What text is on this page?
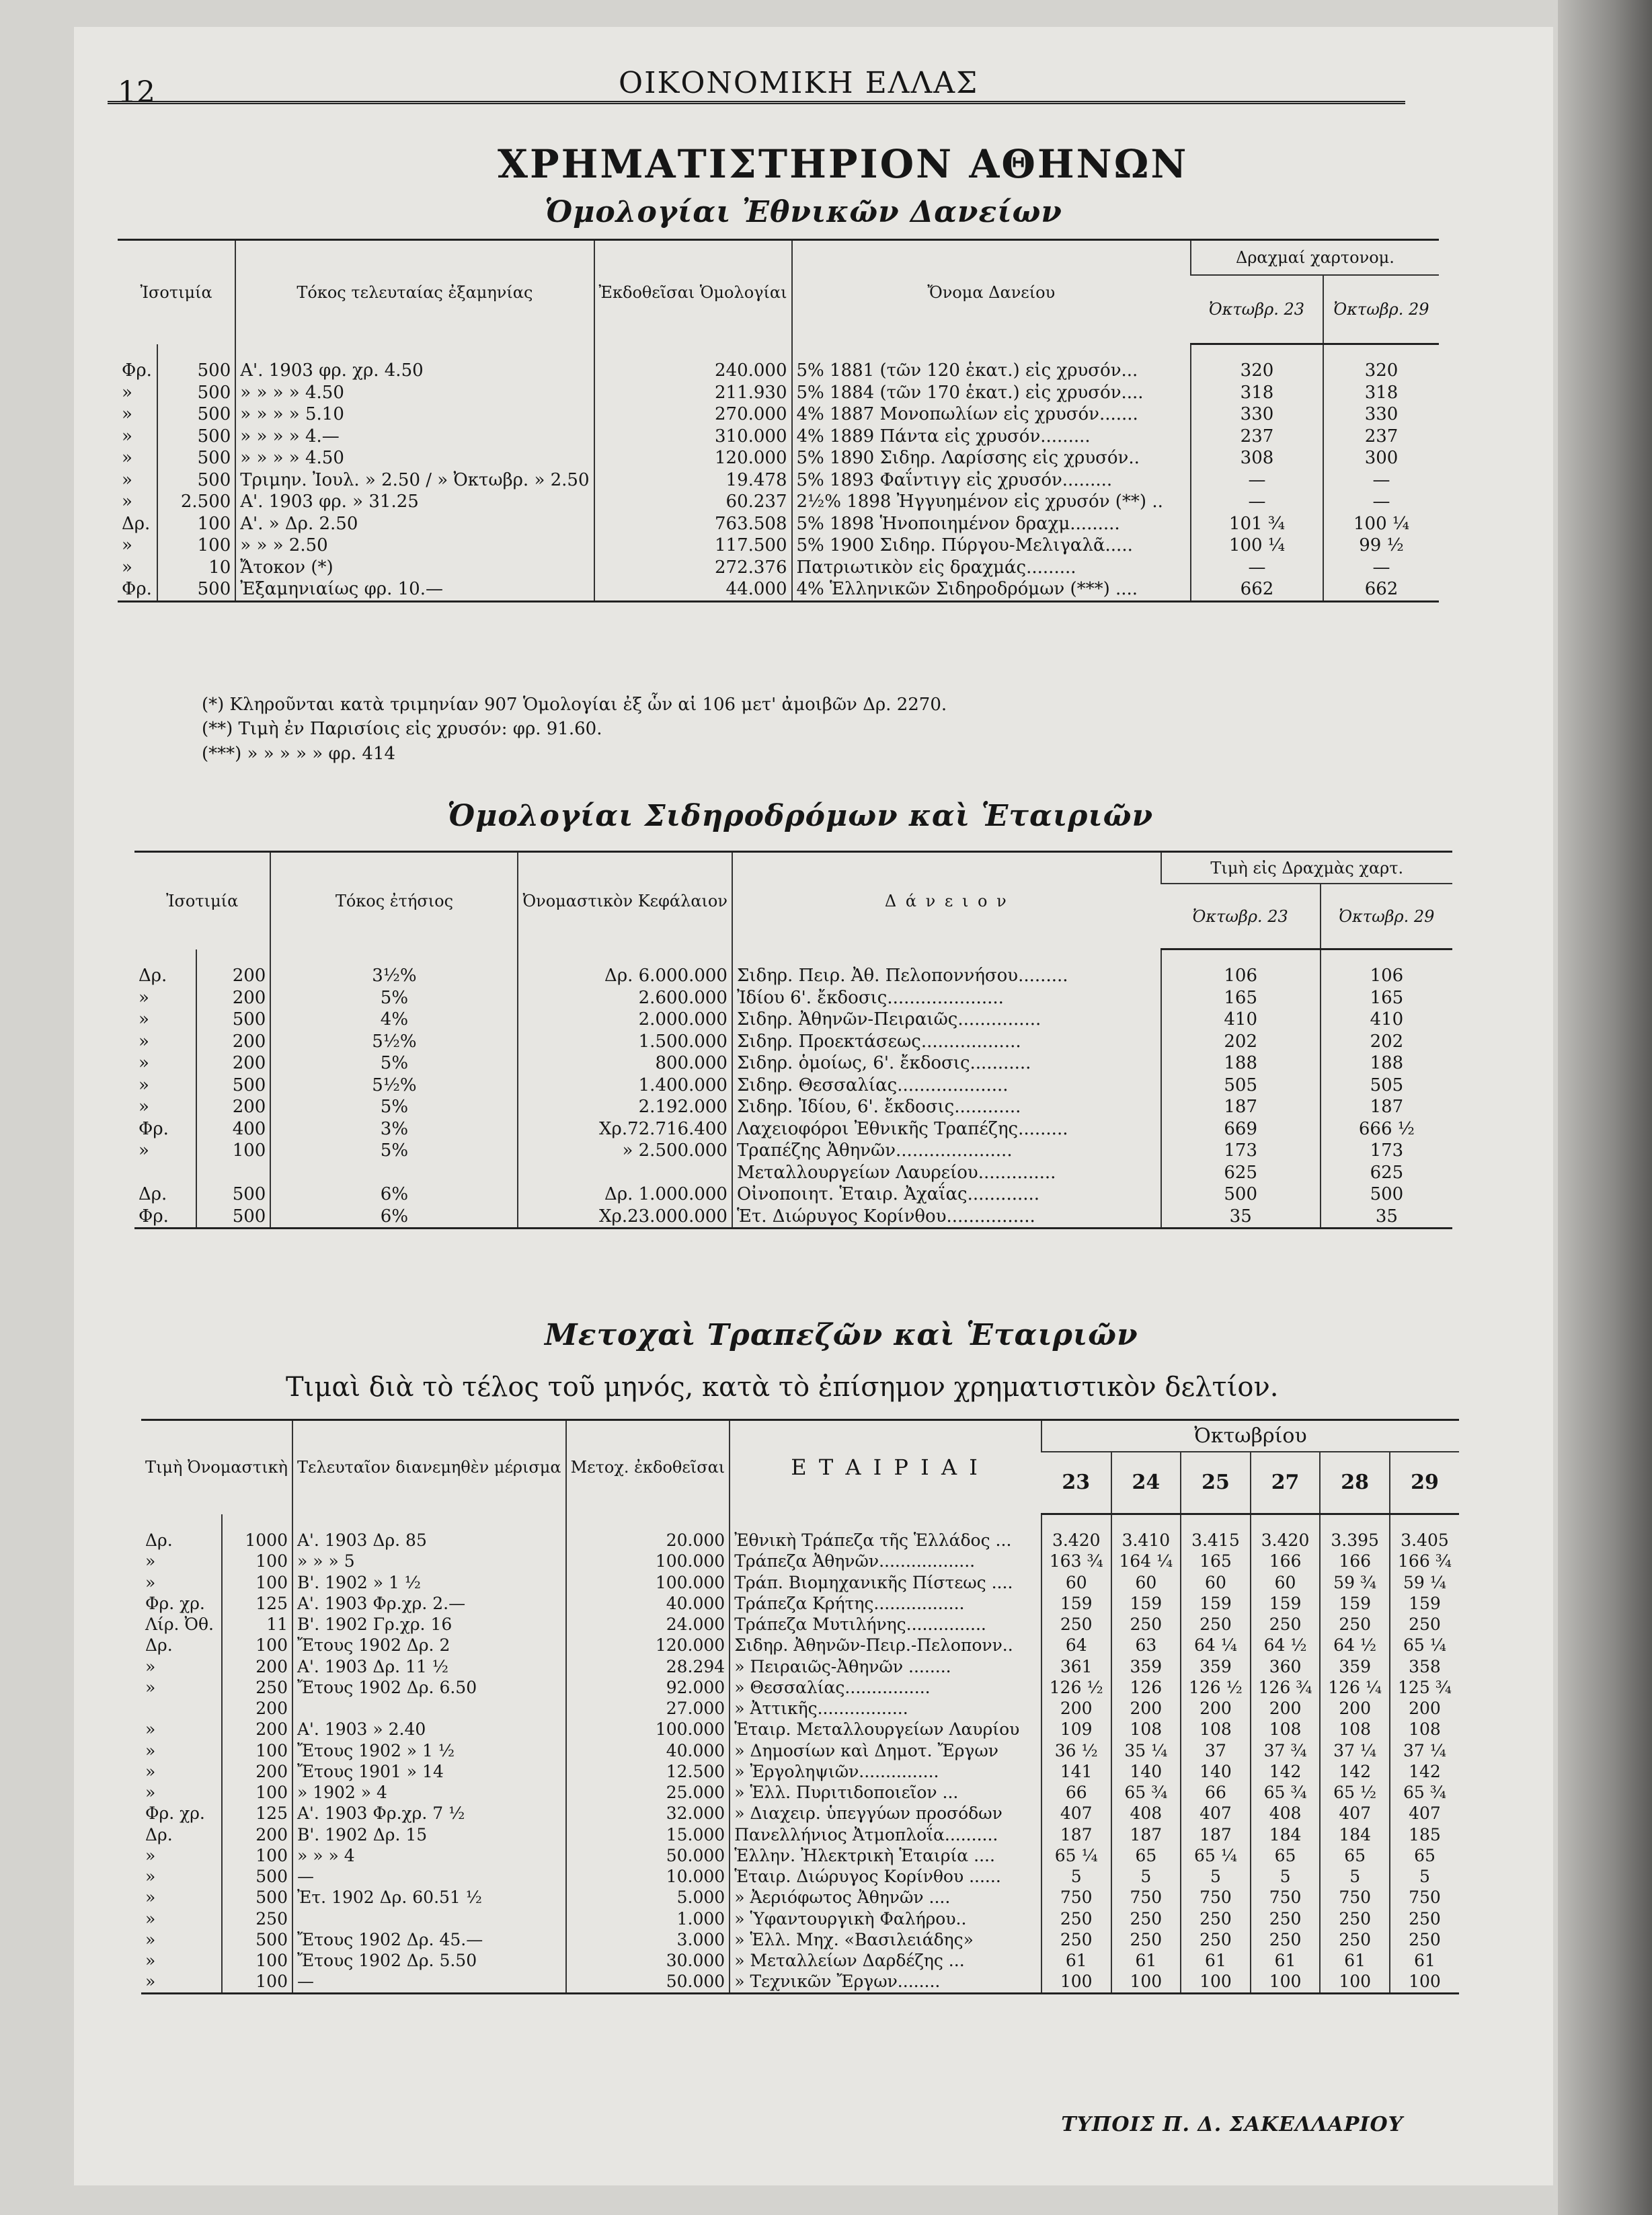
12	ΟΙΚΟΝΟΜΙΚΗ ΕΛΛΑΣ
ΧΡΗΜΑΤΙΣΤΗΡΙΟΝ ΑΘΗΝΩΝ
Ὁμολογίαι Ἐθνικῶν Δανείων
Ἰσοτιμία		Τόκος τελευταίας ἐξαμηνίας	Ἐκδοθεῖσαι Ὁμολογίαι	Ὄνομα Δανείου	Δραχμαί χαρτονομ.	
					Ὀκτωβρ. 23	Ὀκτωβρ. 29

Φρ.	500	Α'. 1903 φρ. χρ. 4.50	240.000	5% 1881 (τῶν 120 ἑκατ.) εἰς χρυσόν...	320	320
»	500	» » » » 4.50	211.930	5% 1884 (τῶν 170 ἑκατ.) εἰς χρυσόν....	318	318
»	500	» » » » 5.10	270.000	4% 1887 Μονοπωλίων εἰς χρυσόν.......	330	330
»	500	» » » » 4.—	310.000	4% 1889 Πάντα εἰς χρυσόν.........	237	237
»	500	» » » » 4.50	120.000	5% 1890 Σιδηρ. Λαρίσσης εἰς χρυσόν..	308	300
»	500	Τριμην. Ἰουλ. » 2.50 / » Ὀκτωβρ. » 2.50	19.478	5% 1893 Φαΐντιγγ εἰς χρυσόν.........	—	—
»	2.500	Α'. 1903 φρ. » 31.25	60.237	2½% 1898 Ἠγγυημένον εἰς χρυσόν (**) ..	—	—
Δρ.	100	Α'. » Δρ. 2.50	763.508	5% 1898 Ἡνοποιημένον δραχμ.........	101 ¾	100 ¼
»	100	» » » 2.50	117.500	5% 1900 Σιδηρ. Πύργου-Μελιγαλᾶ.....	100 ¼	99 ½
»	10	Ἄτοκον (*)	272.376	Πατριωτικὸν εἰς δραχμάς.........	—	—
Φρ.	500	Ἐξαμηνιαίως φρ. 10.—	44.000	4% Ἑλληνικῶν Σιδηροδρόμων (***) ....	662	662
(*) Κληροῦνται κατὰ τριμηνίαν 907 Ὁμολογίαι ἐξ ὧν αἱ 106 μετ' ἀμοιβῶν Δρ. 2270.
(**) Τιμὴ ἐν Παρισίοις εἰς χρυσόν: φρ. 91.60.
(***) » » » » » φρ. 414
Ὁμολογίαι Σιδηροδρόμων καὶ Ἑταιριῶν
Ἰσοτιμία		Τόκος ἐτήσιος	Ὀνομαστικὸν Κεφάλαιον	Δ ά ν ε ι ο ν	Τιμὴ εἰς Δραχμὰς χαρτ.	
					Ὀκτωβρ. 23	Ὀκτωβρ. 29

Δρ.	200	3½%	Δρ. 6.000.000	Σιδηρ. Πειρ. Ἀθ. Πελοποννήσου.........	106	106
»	200	5%	2.600.000	Ἰδίου 6'. ἔκδοσις.....................	165	165
»	500	4%	2.000.000	Σιδηρ. Ἀθηνῶν-Πειραιῶς...............	410	410
»	200	5½%	1.500.000	Σιδηρ. Προεκτάσεως..................	202	202
»	200	5%	800.000	Σιδηρ. ὁμοίως, 6'. ἔκδοσις...........	188	188
»	500	5½%	1.400.000	Σιδηρ. Θεσσαλίας....................	505	505
»	200	5%	2.192.000	Σιδηρ. Ἰδίου, 6'. ἔκδοσις............	187	187
Φρ.	400	3%	Χρ.72.716.400	Λαχειοφόροι Ἐθνικῆς Τραπέζης.........	669	666 ½
»	100	5%	» 2.500.000	Τραπέζης Ἀθηνῶν.....................	173	173
				Μεταλλουργείων Λαυρείου..............	625	625
Δρ.	500	6%	Δρ. 1.000.000	Οἰνοποιητ. Ἑταιρ. Ἀχαΐας.............	500	500
Φρ.	500	6%	Χρ.23.000.000	Ἑτ. Διώρυγος Κορίνθου................	35	35
Μετοχαὶ Τραπεζῶν καὶ Ἑταιριῶν
Τιμαὶ διὰ τὸ τέλος τοῦ μηνός, κατὰ τὸ ἐπίσημον χρηματιστικὸν δελτίον.
Τιμὴ Ὀνομαστικὴ		Τελευταῖον διανεμηθὲν μέρισμα	Μετοχ. ἐκδοθεῖσαι	Ε Τ Α Ι Ρ Ι Α Ι	Ὀκτωβρίου					
					23	24	25	27	28	29

Δρ.	1000	Α'. 1903 Δρ. 85	20.000	Ἐθνικὴ Τράπεζα τῆς Ἑλλάδος ...	3.420	3.410	3.415	3.420	3.395	3.405
»	100	» » » 5	100.000	Τράπεζα Ἀθηνῶν..................	163 ¾	164 ¼	165	166	166	166 ¾
»	100	Β'. 1902 » 1 ½	100.000	Τράπ. Βιομηχανικῆς Πίστεως ....	60	60	60	60	59 ¾	59 ¼
Φρ. χρ.	125	Α'. 1903 Φρ.χρ. 2.—	40.000	Τράπεζα Κρήτης.................	159	159	159	159	159	159
Λίρ. Ὀθ.	11	Β'. 1902 Γρ.χρ. 16	24.000	Τράπεζα Μυτιλήνης...............	250	250	250	250	250	250
Δρ.	100	Ἔτους 1902 Δρ. 2	120.000	Σιδηρ. Ἀθηνῶν-Πειρ.-Πελοπονν..	64	63	64 ¼	64 ½	64 ½	65 ¼
»	200	Α'. 1903 Δρ. 11 ½	28.294	» Πειραιῶς-Ἀθηνῶν ........	361	359	359	360	359	358
»	250	Ἔτους 1902 Δρ. 6.50	92.000	» Θεσσαλίας................	126 ½	126	126 ½	126 ¾	126 ¼	125 ¾
	200		27.000	» Ἀττικῆς.................	200	200	200	200	200	200
»	200	Α'. 1903 » 2.40	100.000	Ἑταιρ. Μεταλλουργείων Λαυρίου	109	108	108	108	108	108
»	100	Ἔτους 1902 » 1 ½	40.000	» Δημοσίων καὶ Δημοτ. Ἔργων	36 ½	35 ¼	37	37 ¾	37 ¼	37 ¼
»	200	Ἔτους 1901 » 14	12.500	» Ἐργοληψιῶν...............	141	140	140	142	142	142
»	100	» 1902 » 4	25.000	» Ἑλλ. Πυριτιδοποιεῖον ...	66	65 ¾	66	65 ¾	65 ½	65 ¾
Φρ. χρ.	125	Α'. 1903 Φρ.χρ. 7 ½	32.000	» Διαχειρ. ὑπεγγύων προσόδων	407	408	407	408	407	407
Δρ.	200	Β'. 1902 Δρ. 15	15.000	Πανελλήνιος Ἀτμοπλοΐα..........	187	187	187	184	184	185
»	100	» » » 4	50.000	Ἑλλην. Ἠλεκτρικὴ Ἑταιρία ....	65 ¼	65	65 ¼	65	65	65
»	500	—	10.000	Ἑταιρ. Διώρυγος Κορίνθου ......	5	5	5	5	5	5
»	500	Ἐτ. 1902 Δρ. 60.51 ½	5.000	» Ἀεριόφωτος Ἀθηνῶν ....	750	750	750	750	750	750
»	250		1.000	» Ὑφαντουργικὴ Φαλήρου..	250	250	250	250	250	250
»	500	Ἔτους 1902 Δρ. 45.—	3.000	» Ἑλλ. Μηχ. «Βασιλειάδης»	250	250	250	250	250	250
»	100	Ἔτους 1902 Δρ. 5.50	30.000	» Μεταλλείων Δαρδέζης ...	61	61	61	61	61	61
»	100	—	50.000	» Τεχνικῶν Ἔργων........	100	100	100	100	100	100
ΤΥΠΟΙΣ Π. Δ. ΣΑΚΕΛΛΑΡΙΟΥ
